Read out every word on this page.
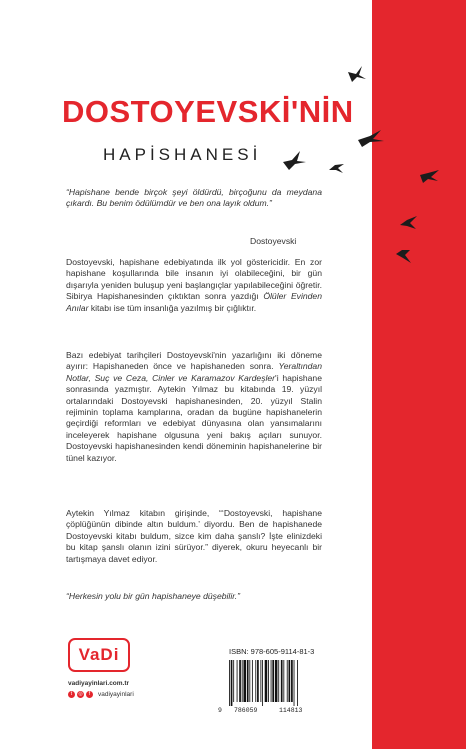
DOSTOYEVSKİ'NİN
HAPİSHANESİ
“Hapishane bende birçok şeyi öldürdü, birçoğunu da meydana çıkardı. Bu benim ödülümdür ve ben ona layık oldum.”
Dostoyevski
Dostoyevski, hapishane edebiyatında ilk yol göstericidir. En zor hapishane koşullarında bile insanın iyi olabileceğini, bir gün dışarıyla yeniden buluşup yeni başlangıçlar yapılabileceğini öğretir. Sibirya Hapishanesinden çıktıktan sonra yazdığı Ölüler Evinden Anılar kitabı ise tüm insanlığa yazılmış bir çığlıktır.
Bazı edebiyat tarihçileri Dostoyevski'nin yazarlığını iki döneme ayırır: Hapishaneden önce ve hapishaneden sonra. Yeraltından Notlar, Suç ve Ceza, Cinler ve Karamazov Kardeşler'i hapishane sonrasında yazmıştır. Aytekin Yılmaz bu kitabında 19. yüzyıl ortalarındaki Dostoyevski hapishanesinden, 20. yüzyıl Stalin rejiminin toplama kamplarına, oradan da bugüne hapishanelerin geçirdiği reformları ve edebiyat dünyasına olan yansımalarını inceleyerek hapishane olgusuna yeni bakış açıları sunuyor. Dostoyevski hapishanesinden kendi döneminin hapishanelerine bir tünel kazıyor.
Aytekin Yılmaz kitabın girişinde, “‘Dostoyevski, hapishane çöplüğünün dibinde altın buldum.’ diyordu. Ben de hapishanede Dostoyevski kitabı buldum, sizce kim daha şanslı? İşte elinizdeki bu kitap şanslı olanın izini sürüyor.” diyerek, okuru heyecanlı bir tartışmaya davet ediyor.
“Herkesin yolu bir gün hapishaneye düşebilir.”
VaDi
vadiyayinlari.com.tr
t	◎	f	vadiyayinlari
ISBN: 978-605-9114-81-3
9 786059	114813
